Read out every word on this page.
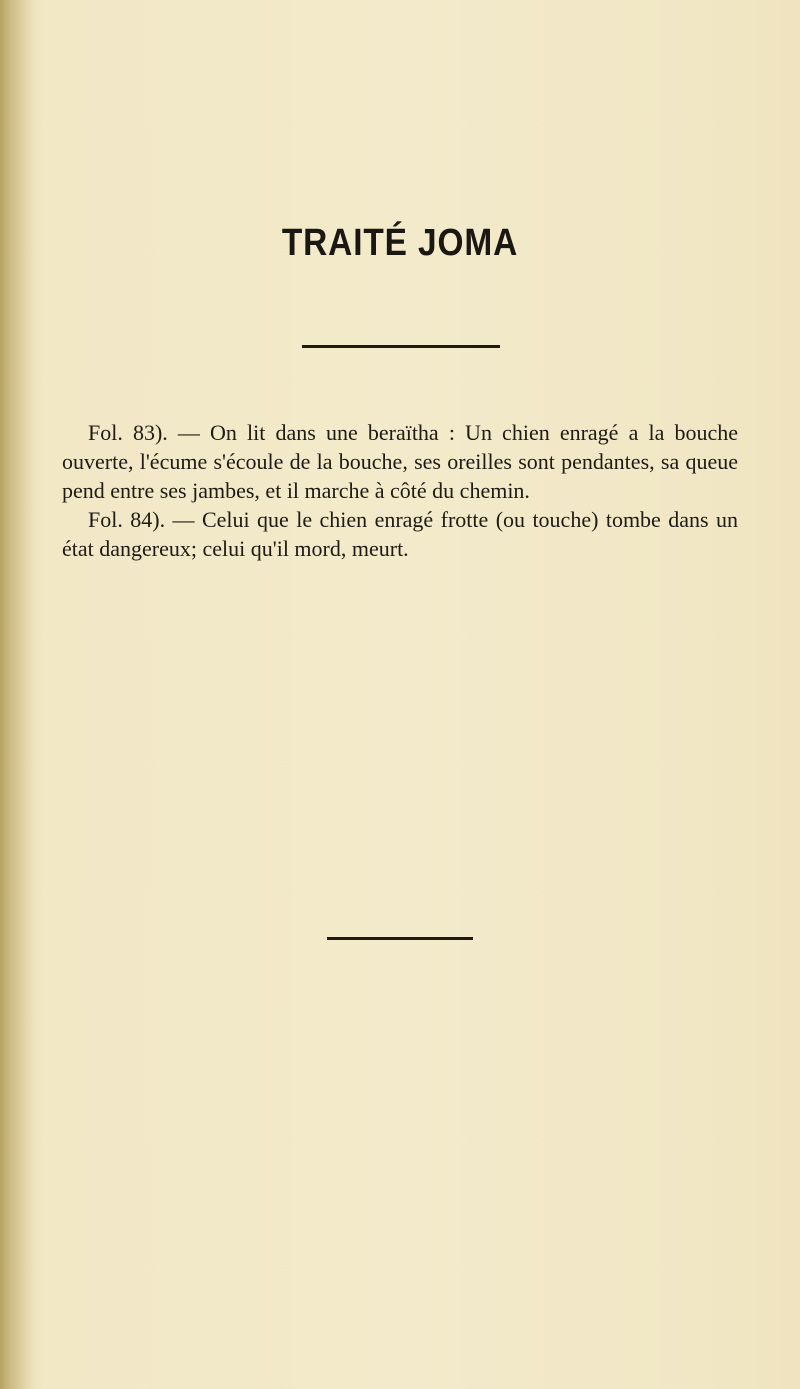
TRAITÉ JOMA

Fol. 83). — On lit dans une beraïtha : Un chien enragé a la bouche ouverte, l'écume s'écoule de la bouche, ses oreilles sont pendantes, sa queue pend entre ses jambes, et il marche à côté du chemin.

Fol. 84). — Celui que le chien enragé frotte (ou touche) tombe dans un état dangereux; celui qu'il mord, meurt.
